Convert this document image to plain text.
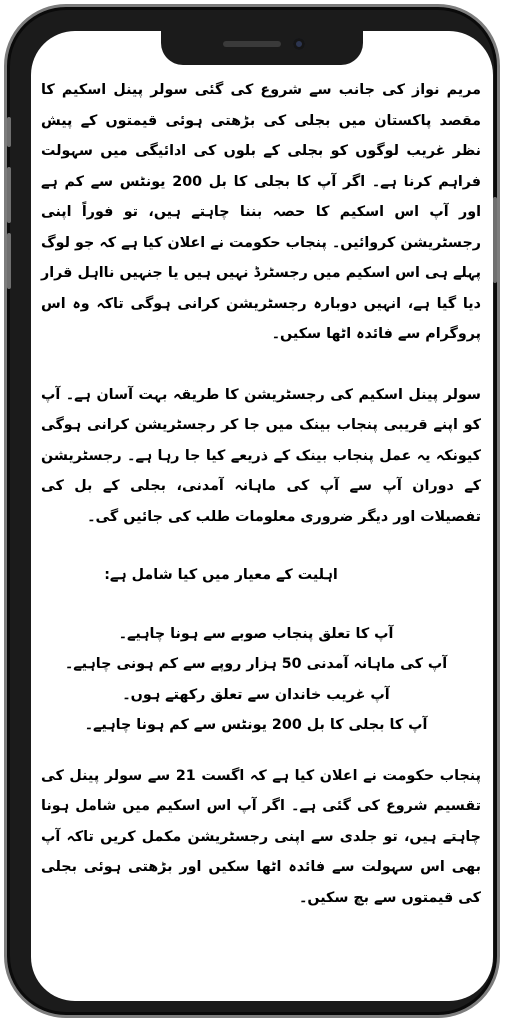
مریم نواز کی جانب سے شروع کی گئی سولر پینل اسکیم کا مقصد پاکستان میں بجلی کی بڑھتی ہوئی قیمتوں کے پیش نظر غریب لوگوں کو بجلی کے بلوں کی ادائیگی میں سہولت فراہم کرنا ہے۔ اگر آپ کا بجلی کا بل 200 یونٹس سے کم ہے اور آپ اس اسکیم کا حصہ بننا چاہتے ہیں، تو فوراً اپنی رجسٹریشن کروائیں۔ پنجاب حکومت نے اعلان کیا ہے کہ جو لوگ پہلے ہی اس اسکیم میں رجسٹرڈ نہیں ہیں یا جنہیں نااہل قرار دیا گیا ہے، انہیں دوبارہ رجسٹریشن کرانی ہوگی تاکہ وہ اس پروگرام سے فائدہ اٹھا سکیں۔

سولر پینل اسکیم کی رجسٹریشن کا طریقہ بہت آسان ہے۔ آپ کو اپنے قریبی پنجاب بینک میں جا کر رجسٹریشن کرانی ہوگی کیونکہ یہ عمل پنجاب بینک کے ذریعے کیا جا رہا ہے۔ رجسٹریشن کے دوران آپ سے آپ کی ماہانہ آمدنی، بجلی کے بل کی تفصیلات اور دیگر ضروری معلومات طلب کی جائیں گی۔

اہلیت کے معیار میں کیا شامل ہے:

آپ کا تعلق پنجاب صوبے سے ہونا چاہیے۔
آپ کی ماہانہ آمدنی 50 ہزار روپے سے کم ہونی چاہیے۔
آپ غریب خاندان سے تعلق رکھتے ہوں۔
آپ کا بجلی کا بل 200 یونٹس سے کم ہونا چاہیے۔

پنجاب حکومت نے اعلان کیا ہے کہ اگست 21 سے سولر پینل کی تقسیم شروع کی گئی ہے۔ اگر آپ اس اسکیم میں شامل ہونا چاہتے ہیں، تو جلدی سے اپنی رجسٹریشن مکمل کریں تاکہ آپ بھی اس سہولت سے فائدہ اٹھا سکیں اور بڑھتی ہوئی بجلی کی قیمتوں سے بچ سکیں۔
